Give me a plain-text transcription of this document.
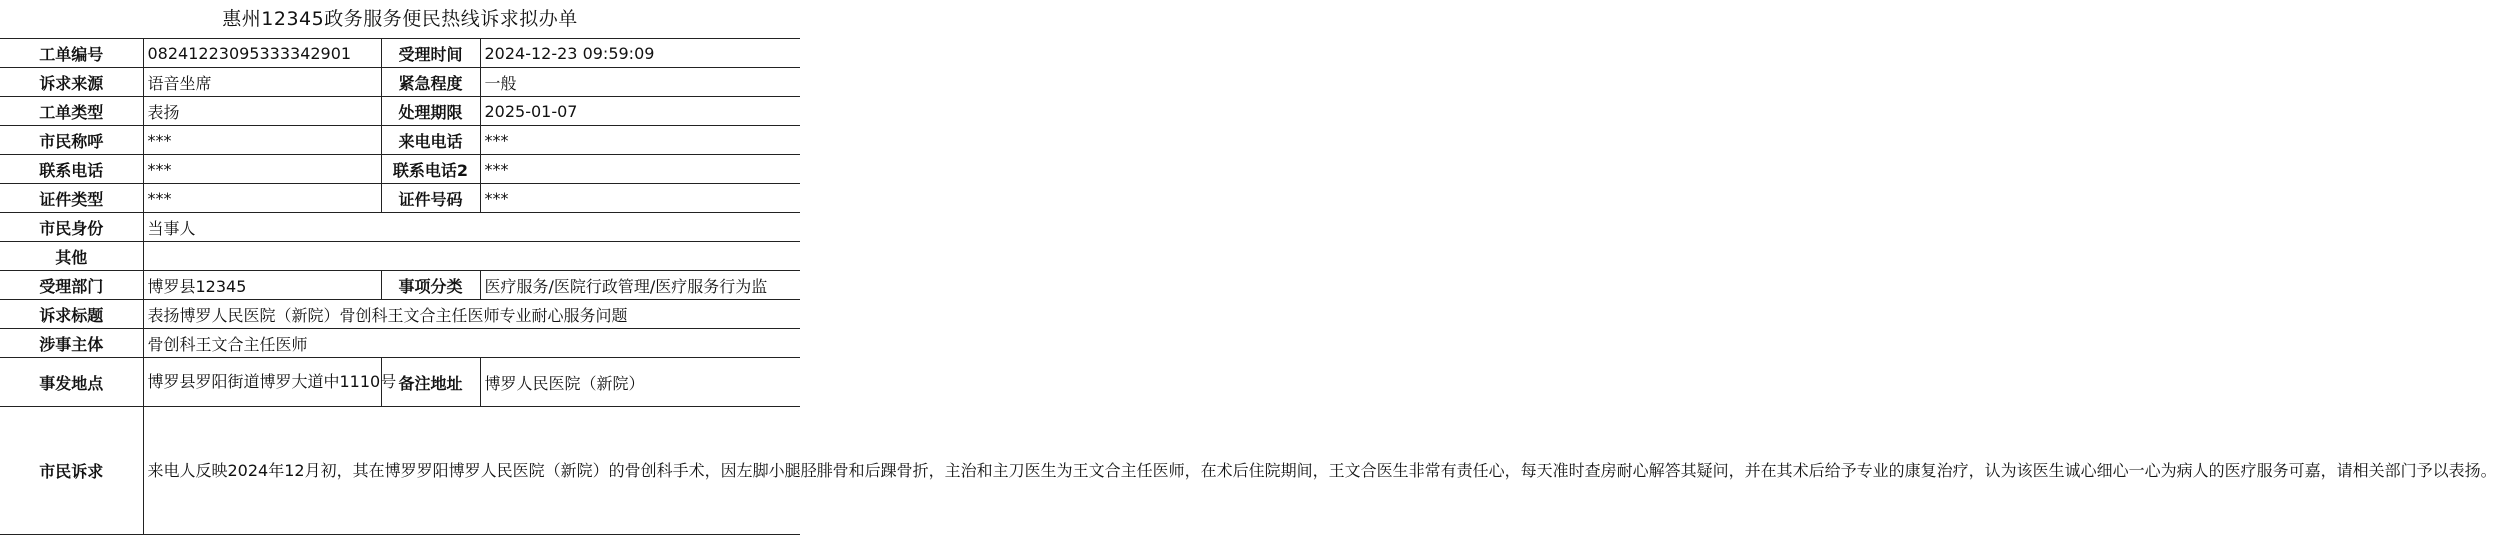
惠州12345政务服务便民热线诉求拟办单
工单编号	08241223095333342901	受理时间	2024-12-23 09:59:09
诉求来源	语音坐席	紧急程度	一般
工单类型	表扬	处理期限	2025-01-07
市民称呼	***	来电电话	***
联系电话	***	联系电话2	***
证件类型	***	证件号码	***
市民身份	当事人		
其他			
受理部门	博罗县12345	事项分类	医疗服务/医院行政管理/医疗服务行为监
诉求标题	表扬博罗人民医院（新院）骨创科王文合主任医师专业耐心服务问题		
涉事主体	骨创科王文合主任医师		
事发地点	博罗县罗阳街道博罗大道中1110号	备注地址	博罗人民医院（新院）
市民诉求	来电人反映2024年12月初，其在博罗罗阳博罗人民医院（新院）的骨创科手术，因左脚小腿胫腓骨和后踝骨折，主治和主刀医生为王文合主任医师，在术后住院期间，王文合医生非常有责任心，每天准时查房耐心解答其疑问，并在其术后给予专业的康复治疗，认为该医生诚心细心一心为病人的医疗服务可嘉，请相关部门予以表扬。		
